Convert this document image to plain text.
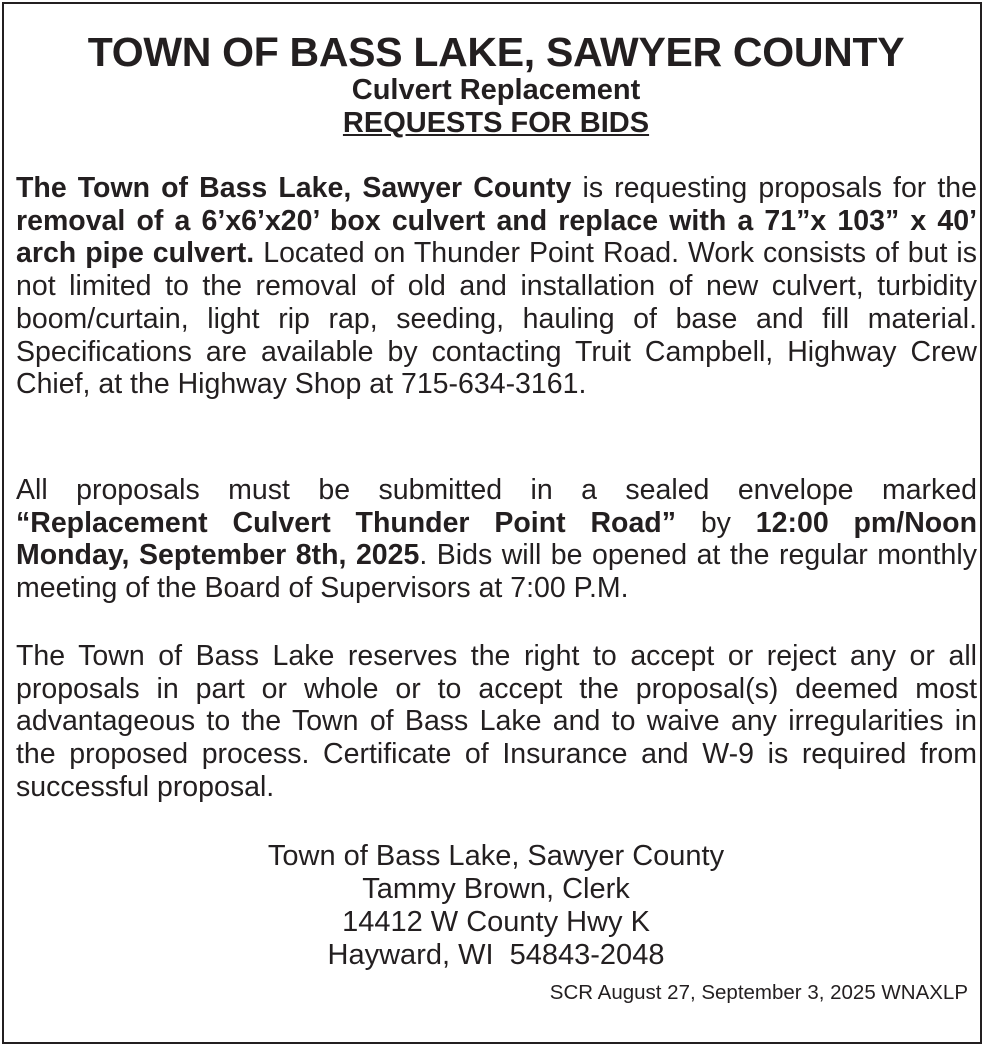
TOWN OF BASS LAKE, SAWYER COUNTY
Culvert Replacement
REQUESTS FOR BIDS

The Town of Bass Lake, Sawyer County is requesting proposals for the removal of a 6’x6’x20’ box culvert and replace with a 71”x 103” x 40’ arch pipe culvert. Located on Thunder Point Road. Work consists of but is not limited to the removal of old and installation of new culvert, turbidity boom/curtain, light rip rap, seeding, hauling of base and fill material. Specifications are available by contacting Truit Campbell, Highway Crew Chief, at the Highway Shop at 715-634-3161.

All proposals must be submitted in a sealed envelope marked “Replacement Culvert Thunder Point Road” by 12:00 pm/Noon Monday, September 8th, 2025. Bids will be opened at the regular monthly meeting of the Board of Supervisors at 7:00 P.M.

The Town of Bass Lake reserves the right to accept or reject any or all proposals in part or whole or to accept the proposal(s) deemed most advantageous to the Town of Bass Lake and to waive any irregularities in the proposed process. Certificate of Insurance and W-9 is required from successful proposal.

Town of Bass Lake, Sawyer County
Tammy Brown, Clerk
14412 W County Hwy K
Hayward, WI  54843-2048
SCR August 27, September 3, 2025 WNAXLP
